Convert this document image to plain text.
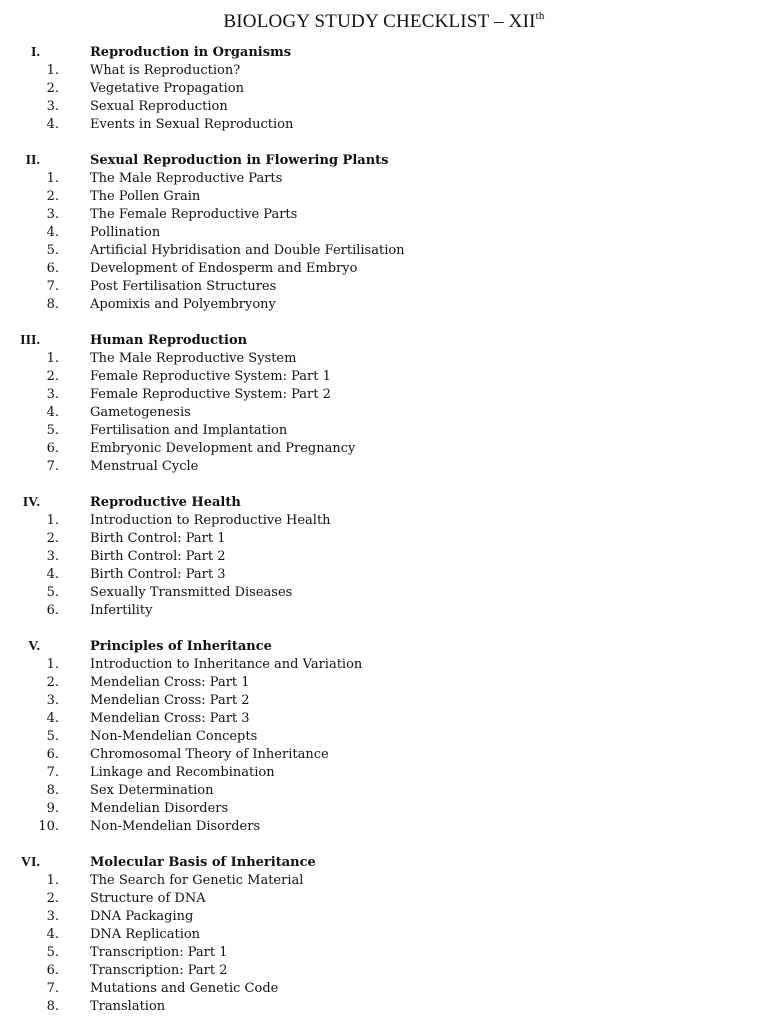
BIOLOGY STUDY CHECKLIST – XIIth
I.	Reproduction in Organisms
1. What is Reproduction?
2. Vegetative Propagation
3. Sexual Reproduction
4. Events in Sexual Reproduction
II.	Sexual Reproduction in Flowering Plants
1. The Male Reproductive Parts
2. The Pollen Grain
3. The Female Reproductive Parts
4. Pollination
5. Artificial Hybridisation and Double Fertilisation
6. Development of Endosperm and Embryo
7. Post Fertilisation Structures
8. Apomixis and Polyembryony
III.	Human Reproduction
1. The Male Reproductive System
2. Female Reproductive System: Part 1
3. Female Reproductive System: Part 2
4. Gametogenesis
5. Fertilisation and Implantation
6. Embryonic Development and Pregnancy
7. Menstrual Cycle
IV.	Reproductive Health
1. Introduction to Reproductive Health
2. Birth Control: Part 1
3. Birth Control: Part 2
4. Birth Control: Part 3
5. Sexually Transmitted Diseases
6. Infertility
V.	Principles of Inheritance
1. Introduction to Inheritance and Variation
2. Mendelian Cross: Part 1
3. Mendelian Cross: Part 2
4. Mendelian Cross: Part 3
5. Non-Mendelian Concepts
6. Chromosomal Theory of Inheritance
7. Linkage and Recombination
8. Sex Determination
9. Mendelian Disorders
10. Non-Mendelian Disorders
VI.	Molecular Basis of Inheritance
1. The Search for Genetic Material
2. Structure of DNA
3. DNA Packaging
4. DNA Replication
5. Transcription: Part 1
6. Transcription: Part 2
7. Mutations and Genetic Code
8. Translation
